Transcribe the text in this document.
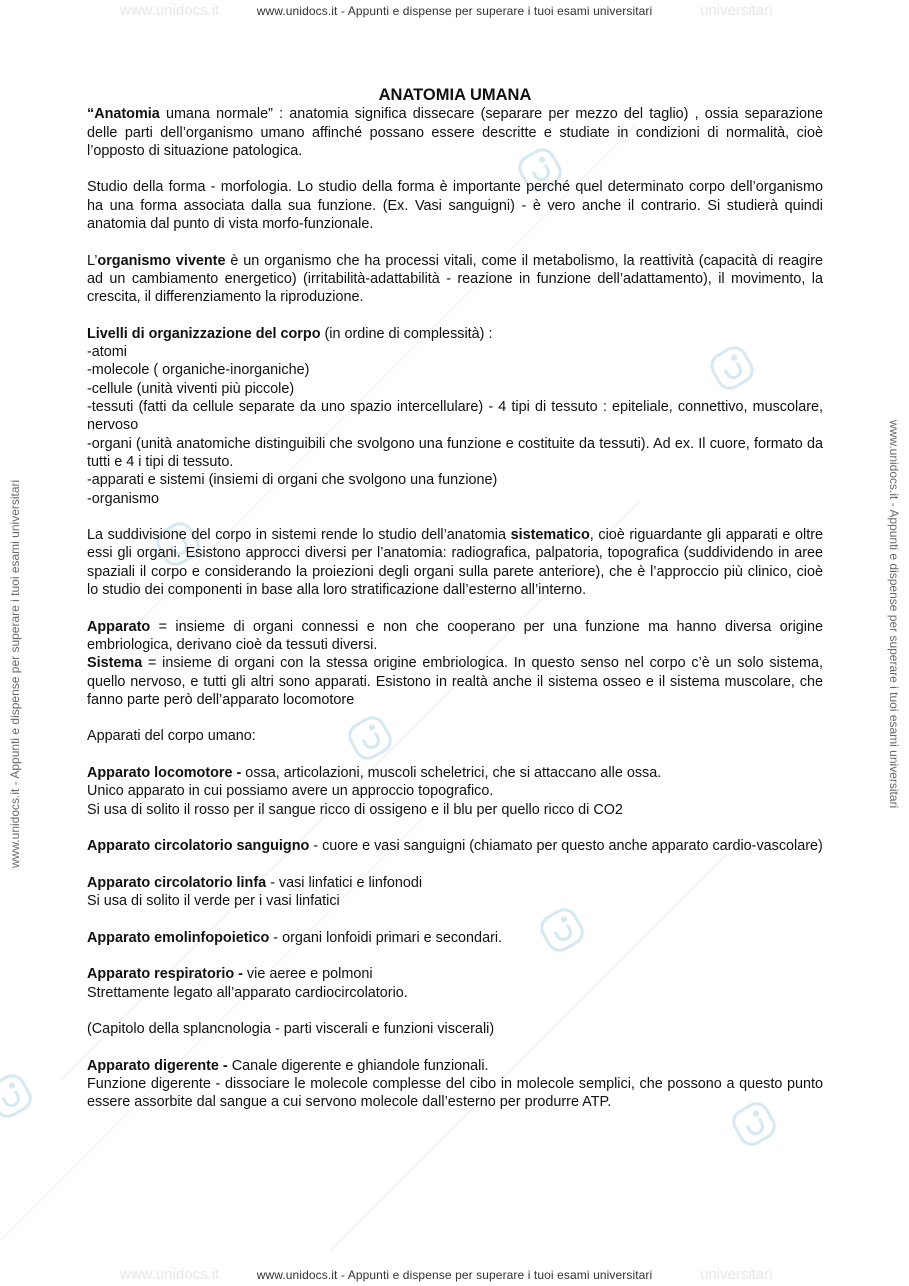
www.unidocs.it	universitari
www.unidocs.it	universitari
www.unidocs.it - Appunti e dispense per superare i tuoi esami universitari
www.unidocs.it - Appunti e dispense per superare i tuoi esami universitari
www.unidocs.it - Appunti e dispense per superare i tuoi esami universitari	www.unidocs.it - Appunti e dispense per superare i tuoi esami universitari
ANATOMIA UMANA

“Anatomia umana normale” : anatomia significa dissecare (separare per mezzo del taglio) , ossia separazione delle parti dell’organismo umano affinché possano essere descritte e studiate in condizioni di normalità, cioè l’opposto di situazione patologica.

Studio della forma - morfologia. Lo studio della forma è importante perché quel determinato corpo dell’organismo ha una forma associata dalla sua funzione. (Ex. Vasi sanguigni) - è vero anche il contrario. Si studierà quindi anatomia dal punto di vista morfo-funzionale.

L’organismo vivente è un organismo che ha processi vitali, come il metabolismo, la reattività (capacità di reagire ad un cambiamento energetico) (irritabilità-adattabilità - reazione in funzione dell’adattamento), il movimento, la crescita, il differenziamento la riproduzione.

Livelli di organizzazione del corpo (in ordine di complessità) :

-atomi

-molecole ( organiche-inorganiche)

-cellule (unità viventi più piccole)

-tessuti (fatti da cellule separate da uno spazio intercellulare) - 4 tipi di tessuto : epiteliale, connettivo, muscolare, nervoso

-organi (unità anatomiche distinguibili che svolgono una funzione e costituite da tessuti). Ad ex. Il cuore, formato da tutti e 4 i tipi di tessuto.

-apparati e sistemi (insiemi di organi che svolgono una funzione)

-organismo

La suddivisione del corpo in sistemi rende lo studio dell’anatomia sistematico, cioè riguardante gli apparati e oltre essi gli organi. Esistono approcci diversi per l’anatomia: radiografica, palpatoria, topografica (suddividendo in aree spaziali il corpo e considerando la proiezioni degli organi sulla parete anteriore), che è l’approccio più clinico, cioè lo studio dei componenti in base alla loro stratificazione dall’esterno all’interno.

Apparato = insieme di organi connessi e non che cooperano per una funzione ma hanno diversa origine embriologica, derivano cioè da tessuti diversi.

Sistema = insieme di organi con la stessa origine embriologica. In questo senso nel corpo c’è un solo sistema, quello nervoso, e tutti gli altri sono apparati. Esistono in realtà anche il sistema osseo e il sistema muscolare, che fanno parte però dell’apparato locomotore

Apparati del corpo umano:

Apparato locomotore - ossa, articolazioni, muscoli scheletrici, che si attaccano alle ossa.

Unico apparato in cui possiamo avere un approccio topografico.

Si usa di solito il rosso per il sangue ricco di ossigeno e il blu per quello ricco di CO2

Apparato circolatorio sanguigno - cuore e vasi sanguigni (chiamato per questo anche apparato cardio-vascolare)

Apparato circolatorio linfa - vasi linfatici e linfonodi

Si usa di solito il verde per i vasi linfatici

Apparato emolinfopoietico - organi lonfoidi primari e secondari.

Apparato respiratorio - vie aeree e polmoni

Strettamente legato all’apparato cardiocircolatorio.

(Capitolo della splancnologia - parti viscerali e funzioni viscerali)

Apparato digerente - Canale digerente e ghiandole funzionali.

Funzione digerente - dissociare le molecole complesse del cibo in molecole semplici, che possono a questo punto essere assorbite dal sangue a cui servono molecole dall’esterno per produrre ATP.
